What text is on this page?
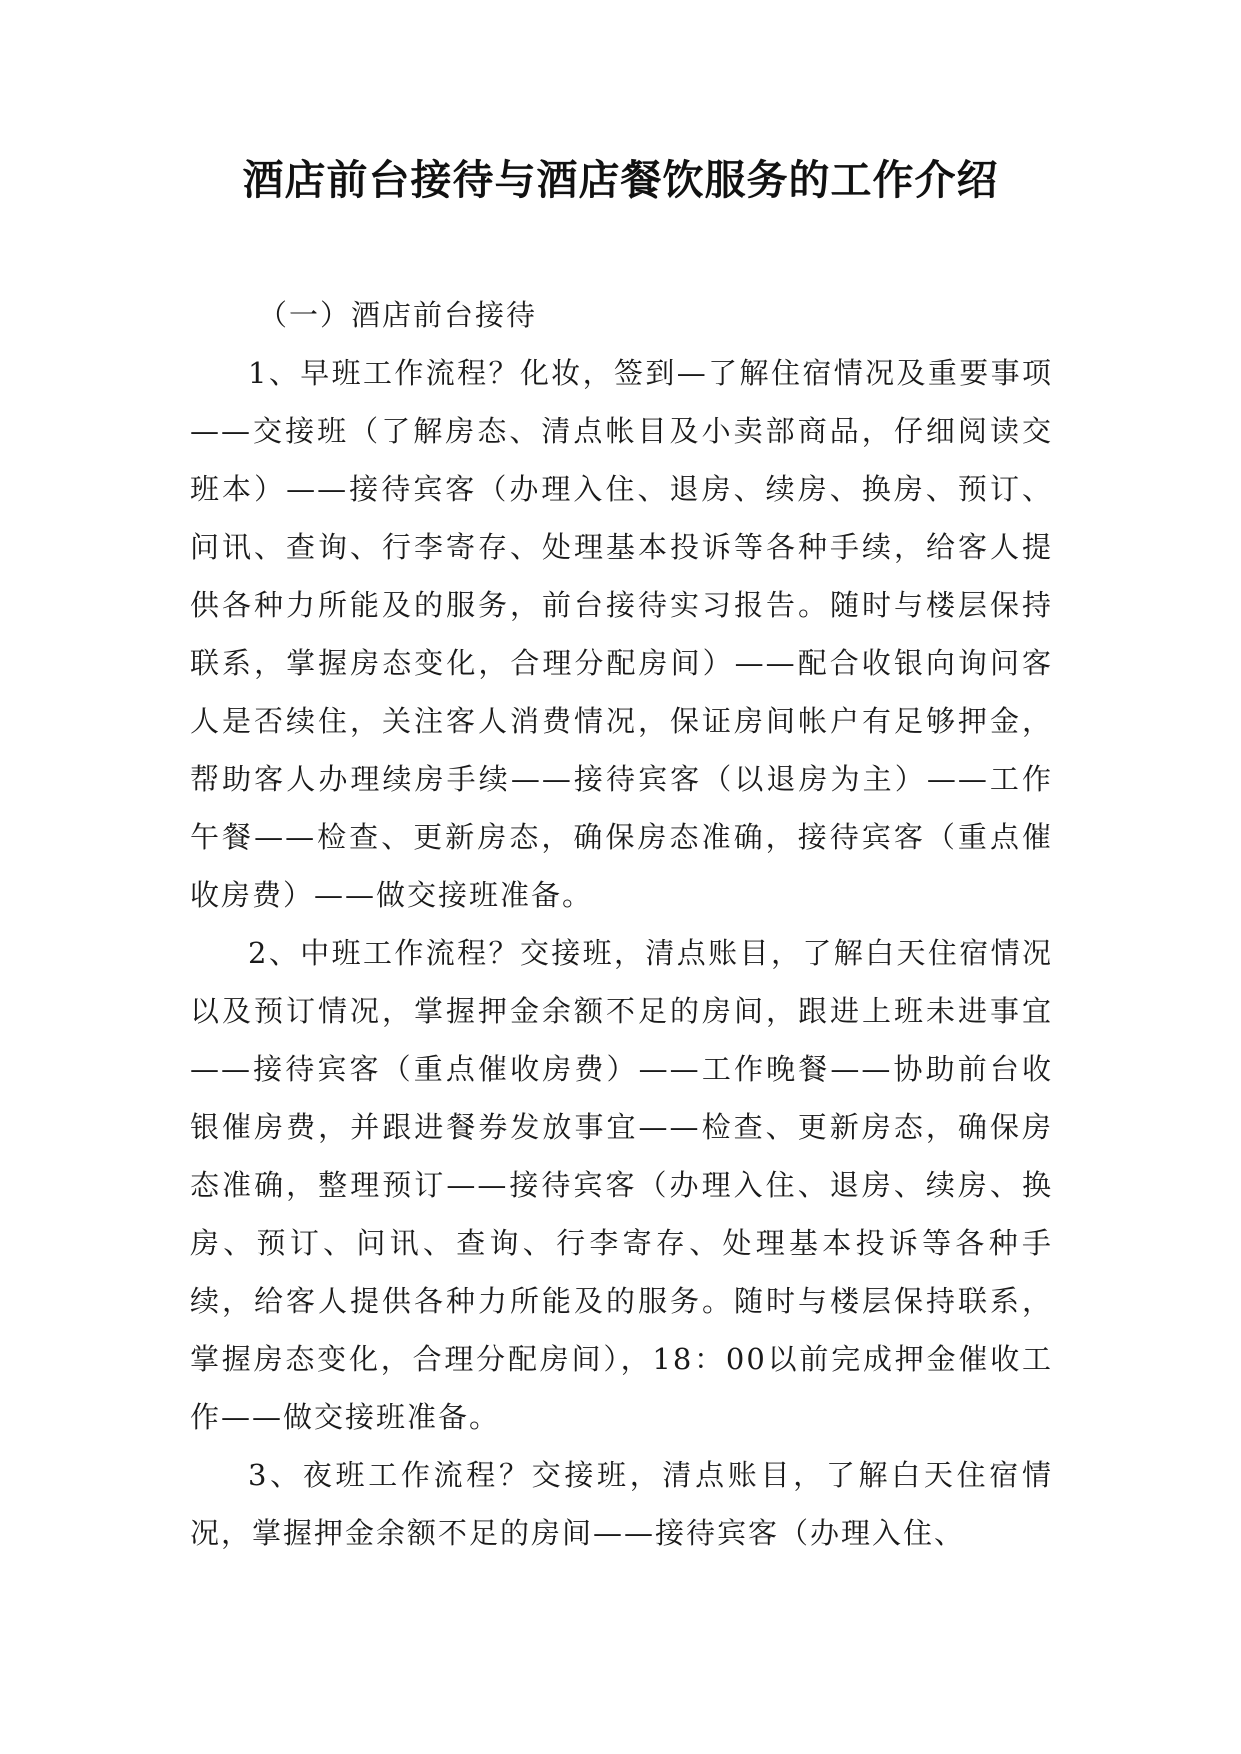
酒店前台接待与酒店餐饮服务的工作介绍

（一）酒店前台接待

1、早班工作流程？化妆，签到—了解住宿情况及重要事项——交接班（了解房态、清点帐目及小卖部商品，仔细阅读交班本）——接待宾客（办理入住、退房、续房、换房、预订、问讯、查询、行李寄存、处理基本投诉等各种手续，给客人提供各种力所能及的服务，前台接待实习报告。随时与楼层保持联系，掌握房态变化，合理分配房间）——配合收银向询问客人是否续住，关注客人消费情况，保证房间帐户有足够押金，帮助客人办理续房手续——接待宾客（以退房为主）——工作午餐——检查、更新房态，确保房态准确，接待宾客（重点催收房费）——做交接班准备。

2、中班工作流程？交接班，清点账目，了解白天住宿情况以及预订情况，掌握押金余额不足的房间，跟进上班未进事宜——接待宾客（重点催收房费）——工作晚餐——协助前台收银催房费，并跟进餐券发放事宜——检查、更新房态，确保房态准确，整理预订——接待宾客（办理入住、退房、续房、换房、预订、问讯、查询、行李寄存、处理基本投诉等各种手续，给客人提供各种力所能及的服务。随时与楼层保持联系，掌握房态变化，合理分配房间），18：00以前完成押金催收工作——做交接班准备。

3、夜班工作流程？交接班，清点账目，了解白天住宿情况，掌握押金余额不足的房间——接待宾客（办理入住、
